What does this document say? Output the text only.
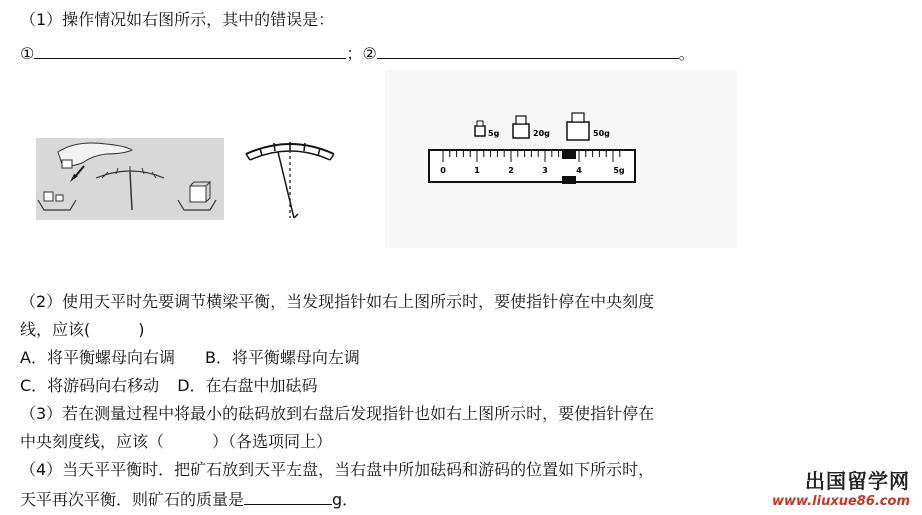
（1）操作情况如右图所示，其中的错误是：
①	；②	。
5g	20g	50g
0	1	2	3	4	5g
（2）使用天平时先要调节横梁平衡，当发现指针如右上图所示时，要使指针停在中央刻度
线，应该(　　　)
A．将平衡螺母向右调 B．将平衡螺母向左调
C．将游码向右移动 D．在右盘中加砝码
（3）若在测量过程中将最小的砝码放到右盘后发现指针也如右上图所示时，要使指针停在
中央刻度线，应该（　　　）（各选项同上）
（4）当天平平衡时．把矿石放到天平左盘，当右盘中所加砝码和游码的位置如下所示时，
天平再次平衡．则矿石的质量是	g．
出国留学网
www.liuxue86.com
